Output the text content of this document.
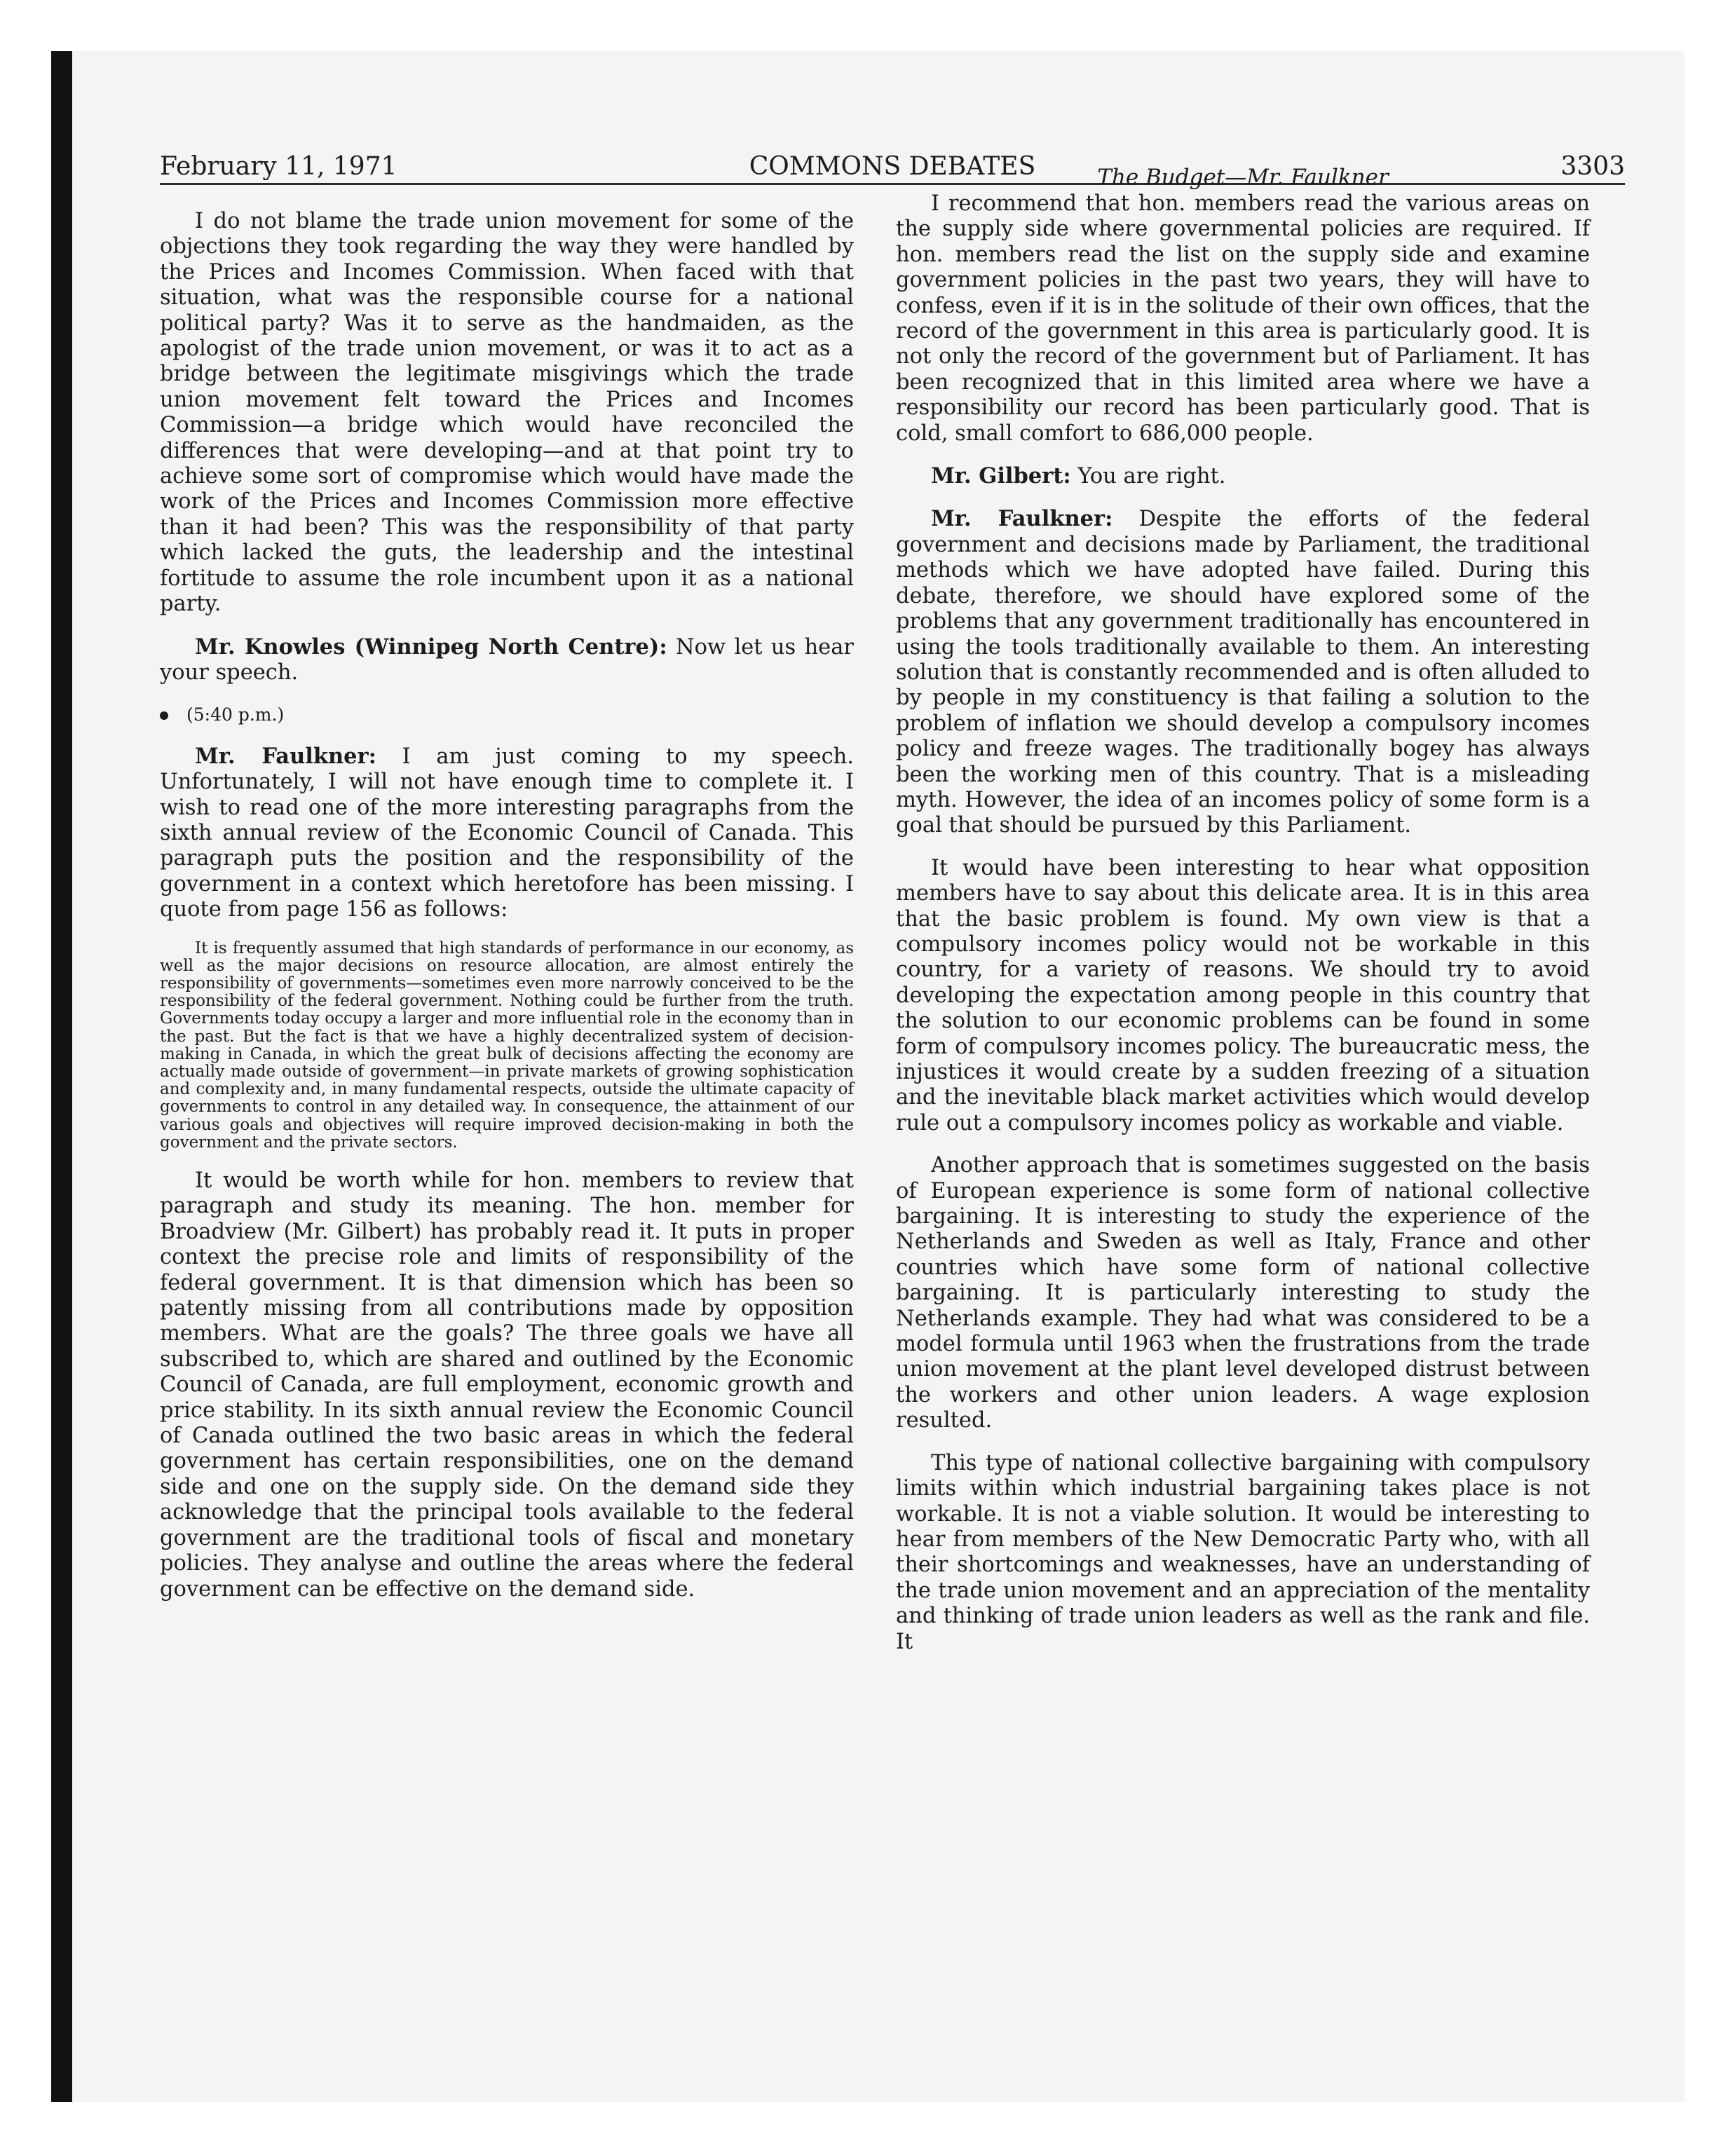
February 11, 1971	COMMONS DEBATES	3303

I do not blame the trade union movement for some of the objections they took regarding the way they were handled by the Prices and Incomes Commission. When faced with that situation, what was the responsible course for a national political party? Was it to serve as the handmaiden, as the apologist of the trade union movement, or was it to act as a bridge between the legitimate misgivings which the trade union movement felt toward the Prices and Incomes Commission—a bridge which would have reconciled the differences that were developing—and at that point try to achieve some sort of compromise which would have made the work of the Prices and Incomes Commission more effective than it had been? This was the responsibility of that party which lacked the guts, the leadership and the intestinal fortitude to assume the role incumbent upon it as a national party.

Mr. Knowles (Winnipeg North Centre): Now let us hear your speech.

(5:40 p.m.)

Mr. Faulkner: I am just coming to my speech. Unfortunately, I will not have enough time to complete it. I wish to read one of the more interesting paragraphs from the sixth annual review of the Economic Council of Canada. This paragraph puts the position and the responsibility of the government in a context which heretofore has been missing. I quote from page 156 as follows:

It is frequently assumed that high standards of performance in our economy, as well as the major decisions on resource allocation, are almost entirely the responsibility of governments—sometimes even more narrowly conceived to be the responsibility of the federal government. Nothing could be further from the truth. Governments today occupy a larger and more influential role in the economy than in the past. But the fact is that we have a highly decentralized system of decision-making in Canada, in which the great bulk of decisions affecting the economy are actually made outside of government—in private markets of growing sophistication and complexity and, in many fundamental respects, outside the ultimate capacity of governments to control in any detailed way. In consequence, the attainment of our various goals and objectives will require improved decision-making in both the government and the private sectors.

It would be worth while for hon. members to review that paragraph and study its meaning. The hon. member for Broadview (Mr. Gilbert) has probably read it. It puts in proper context the precise role and limits of responsibility of the federal government. It is that dimension which has been so patently missing from all contributions made by opposition members. What are the goals? The three goals we have all subscribed to, which are shared and outlined by the Economic Council of Canada, are full employment, economic growth and price stability. In its sixth annual review the Economic Council of Canada outlined the two basic areas in which the federal government has certain responsibilities, one on the demand side and one on the supply side. On the demand side they acknowledge that the principal tools available to the federal government are the traditional tools of fiscal and monetary policies. They analyse and outline the areas where the federal government can be effective on the demand side.

The Budget—Mr. Faulkner

I recommend that hon. members read the various areas on the supply side where governmental policies are required. If hon. members read the list on the supply side and examine government policies in the past two years, they will have to confess, even if it is in the solitude of their own offices, that the record of the government in this area is particularly good. It is not only the record of the government but of Parliament. It has been recognized that in this limited area where we have a responsibility our record has been particularly good. That is cold, small comfort to 686,000 people.

Mr. Gilbert: You are right.

Mr. Faulkner: Despite the efforts of the federal government and decisions made by Parliament, the traditional methods which we have adopted have failed. During this debate, therefore, we should have explored some of the problems that any government traditionally has encountered in using the tools traditionally available to them. An interesting solution that is constantly recommended and is often alluded to by people in my constituency is that failing a solution to the problem of inflation we should develop a compulsory incomes policy and freeze wages. The traditionally bogey has always been the working men of this country. That is a misleading myth. However, the idea of an incomes policy of some form is a goal that should be pursued by this Parliament.

It would have been interesting to hear what opposition members have to say about this delicate area. It is in this area that the basic problem is found. My own view is that a compulsory incomes policy would not be workable in this country, for a variety of reasons. We should try to avoid developing the expectation among people in this country that the solution to our economic problems can be found in some form of compulsory incomes policy. The bureaucratic mess, the injustices it would create by a sudden freezing of a situation and the inevitable black market activities which would develop rule out a compulsory incomes policy as workable and viable.

Another approach that is sometimes suggested on the basis of European experience is some form of national collective bargaining. It is interesting to study the experience of the Netherlands and Sweden as well as Italy, France and other countries which have some form of national collective bargaining. It is particularly interesting to study the Netherlands example. They had what was considered to be a model formula until 1963 when the frustrations from the trade union movement at the plant level developed distrust between the workers and other union leaders. A wage explosion resulted.

This type of national collective bargaining with compulsory limits within which industrial bargaining takes place is not workable. It is not a viable solution. It would be interesting to hear from members of the New Democratic Party who, with all their shortcomings and weaknesses, have an understanding of the trade union movement and an appreciation of the mentality and thinking of trade union leaders as well as the rank and file. It
